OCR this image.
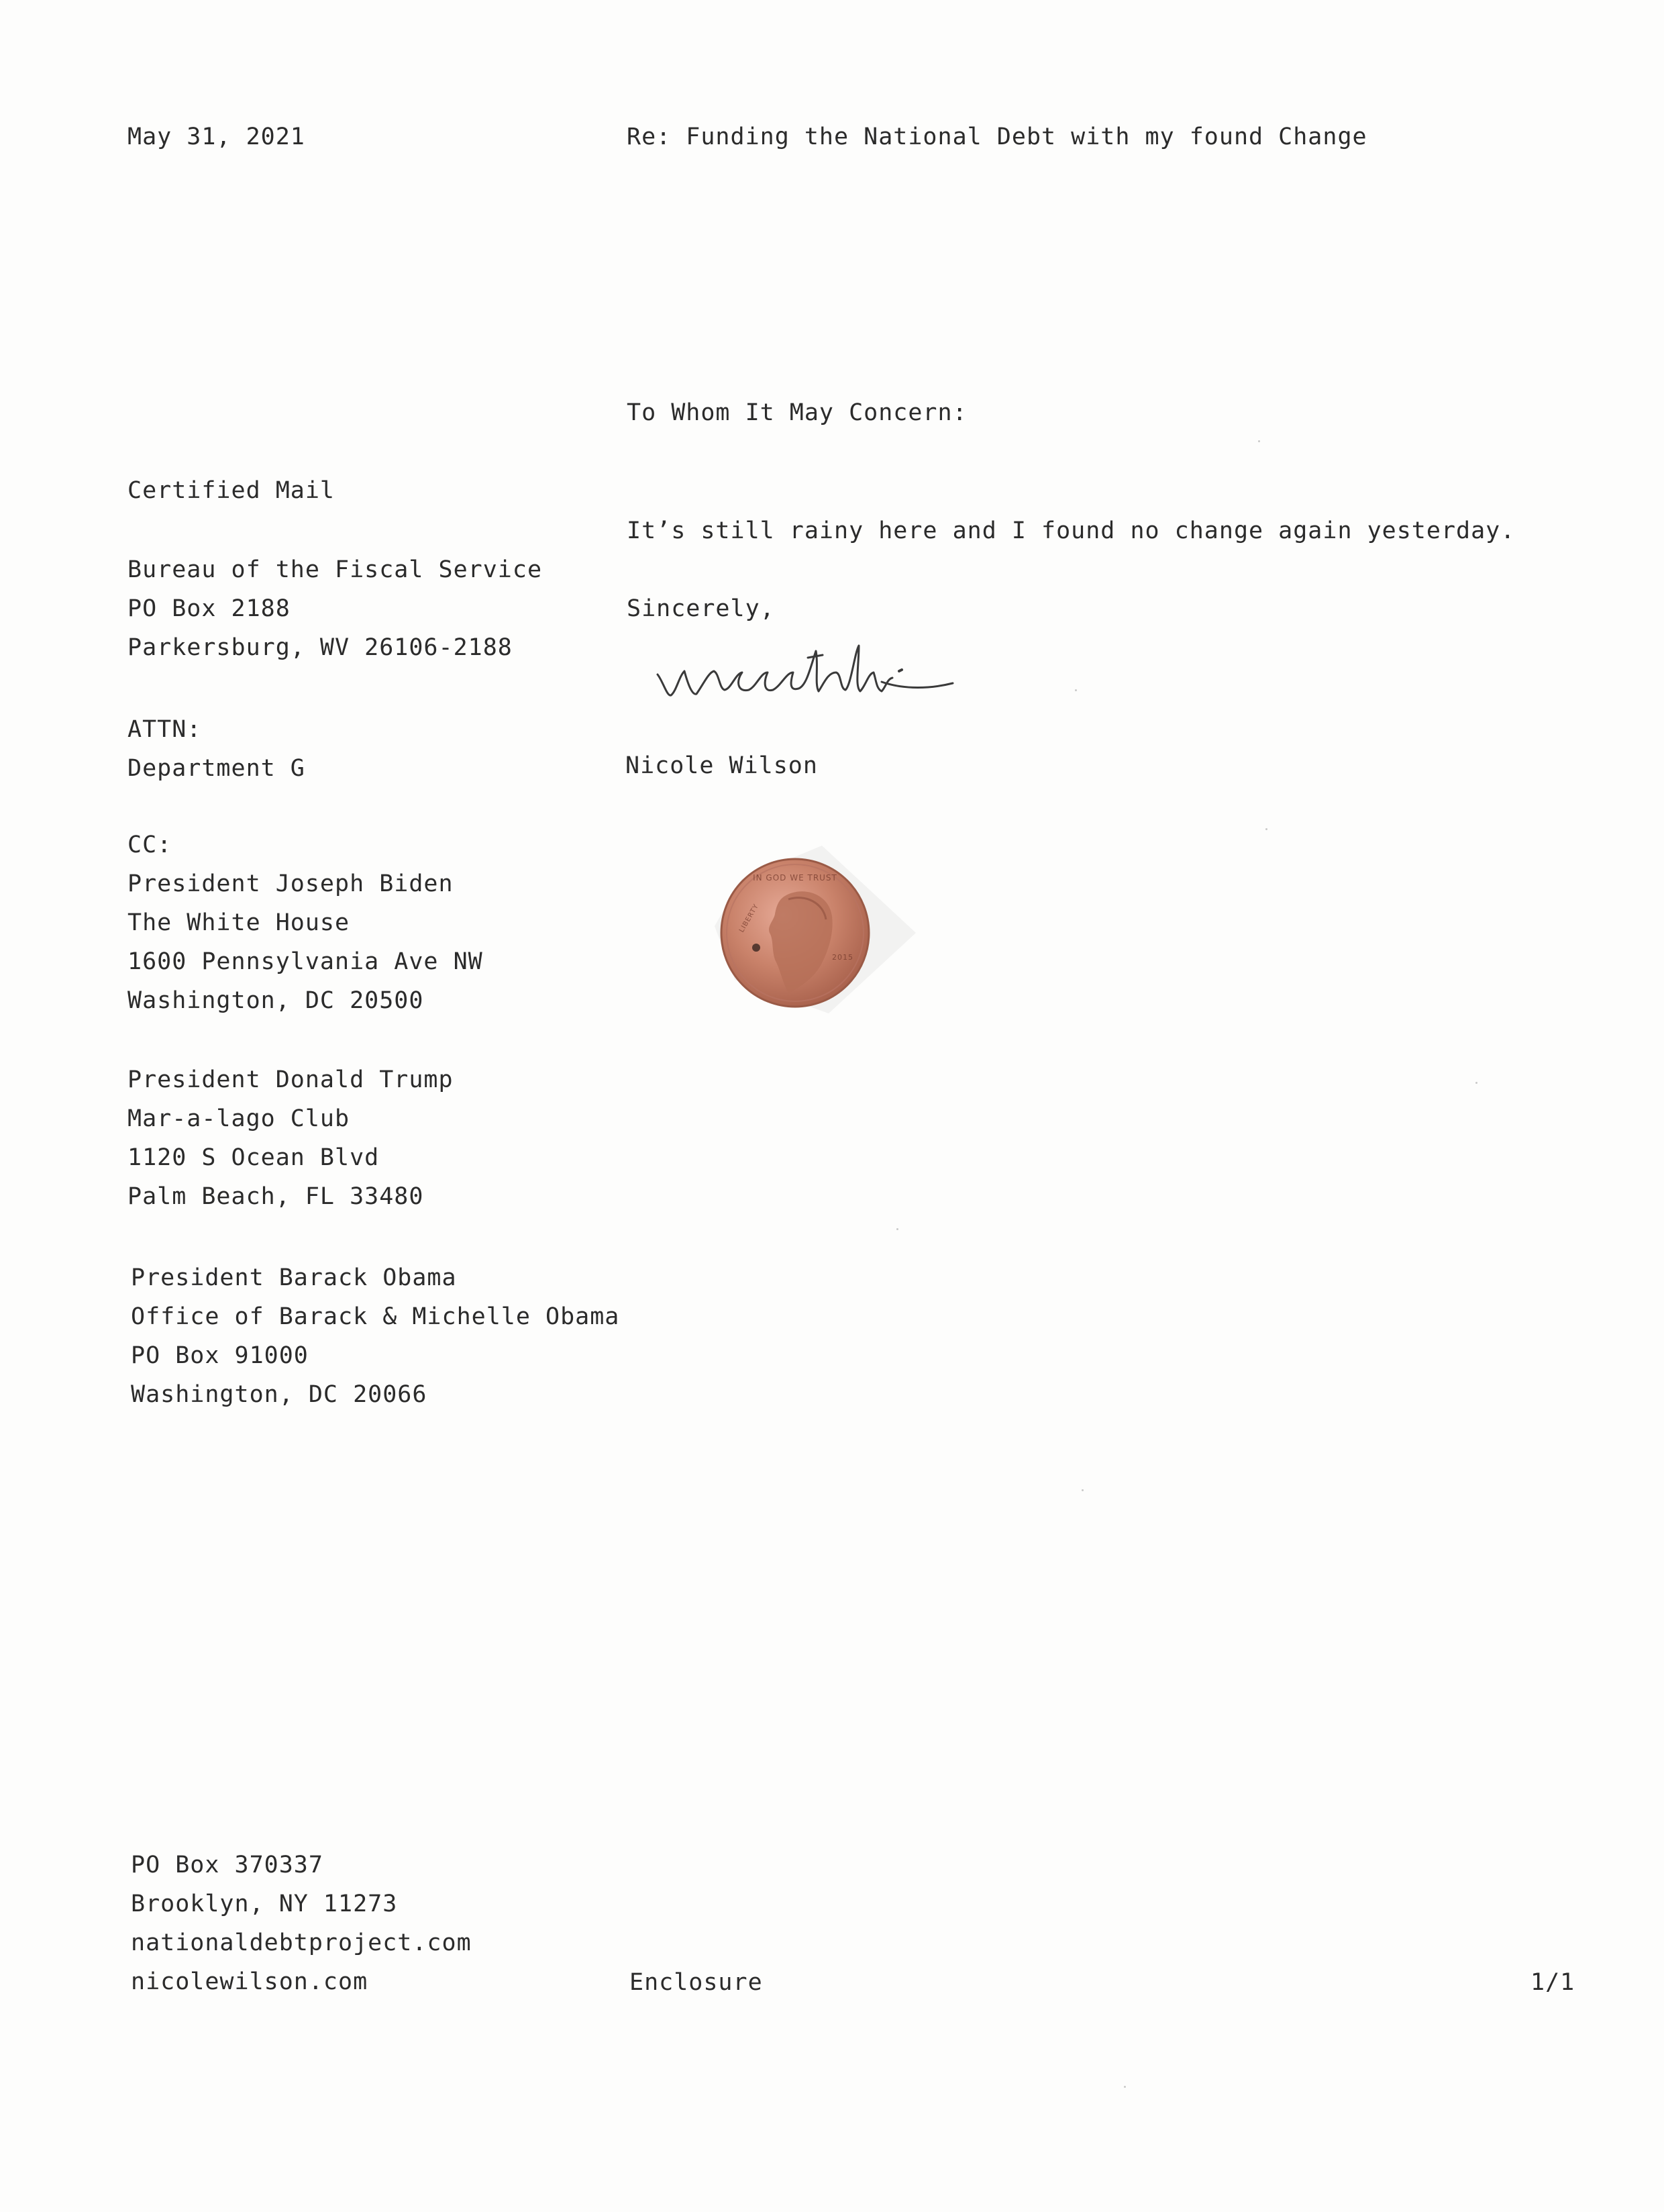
May 31, 2021	Re: Funding the National Debt with my found Change
To Whom It May Concern:
It’s still rainy here and I found no change again yesterday.
Sincerely,
Nicole Wilson
Certified Mail
Bureau of the Fiscal Service
PO Box 2188
Parkersburg, WV 26106-2188
ATTN:
Department G
CC:
President Joseph Biden
The White House
1600 Pennsylvania Ave NW
Washington, DC 20500
President Donald Trump
Mar-a-lago Club
1120 S Ocean Blvd
Palm Beach, FL 33480
President Barack Obama
Office of Barack & Michelle Obama
PO Box 91000
Washington, DC 20066
IN GOD WE TRUST
LIBERTY
2015
PO Box 370337
Brooklyn, NY 11273
nationaldebtproject.com
nicolewilson.com	Enclosure	1/1
